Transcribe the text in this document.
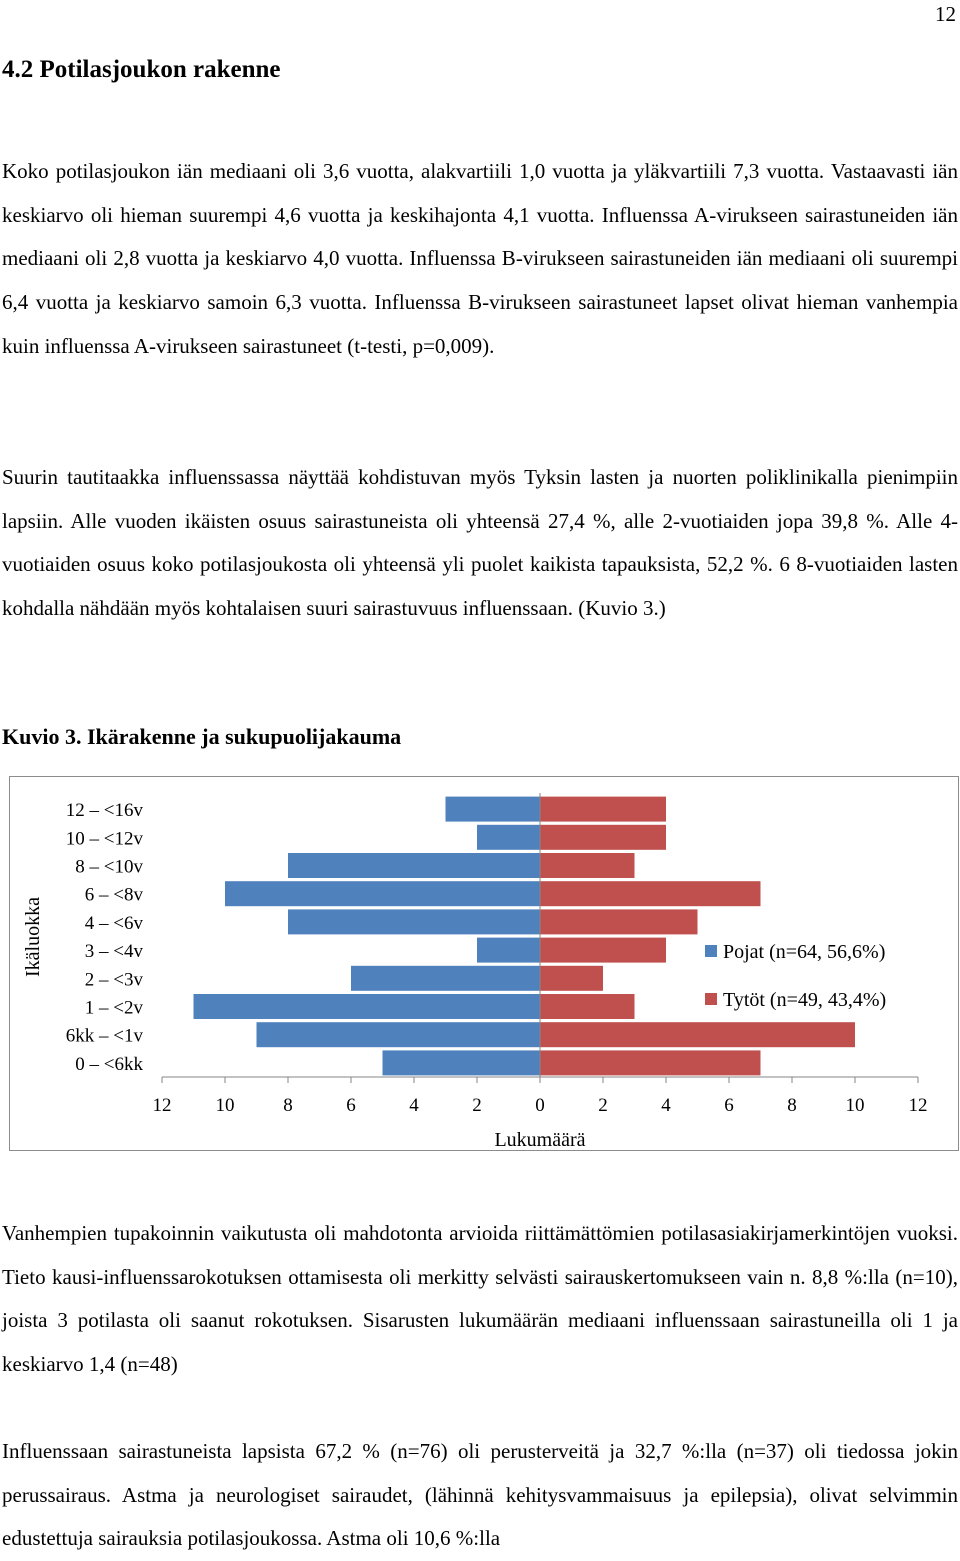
12
4.2 Potilasjoukon rakenne

Koko potilasjoukon iän mediaani oli 3,6 vuotta, alakvartiili 1,0 vuotta ja yläkvartiili 7,3 vuotta. Vastaavasti iän keskiarvo oli hieman suurempi 4,6 vuotta ja keskihajonta 4,1 vuotta. Influenssa A-virukseen sairastuneiden iän mediaani oli 2,8 vuotta ja keskiarvo 4,0 vuotta. Influenssa B-virukseen sairastuneiden iän mediaani oli suurempi 6,4 vuotta ja keskiarvo samoin 6,3 vuotta. Influenssa B-virukseen sairastuneet lapset olivat hieman vanhempia kuin influenssa A-virukseen sairastuneet (t-testi, p=0,009).

Suurin tautitaakka influenssassa näyttää kohdistuvan myös Tyksin lasten ja nuorten poliklinikalla pienimpiin lapsiin. Alle vuoden ikäisten osuus sairastuneista oli yhteensä 27,4 %, alle 2-vuotiaiden jopa 39,8 %. Alle 4-vuotiaiden osuus koko potilasjoukosta oli yhteensä yli puolet kaikista tapauksista, 52,2 %. 6 8-vuotiaiden lasten kohdalla nähdään myös kohtalaisen suuri sairastuvuus influenssaan. (Kuvio 3.)

Kuvio 3. Ikärakenne ja sukupuolijakauma

12 10	8	6	4	2	0	2	4	6	8	10 12
12 – <16v
10 – <12v
8 – <10v
6 – <8v
4 – <6v
3 – <4v
2 – <3v
1 – <2v
6kk – <1v
0 – <6kk
Lukumäärä
Ikäluokka	Pojat (n=64, 56,6%)
Tytöt (n=49, 43,4%)

Vanhempien tupakoinnin vaikutusta oli mahdotonta arvioida riittämättömien potilasasiakirjamerkintöjen vuoksi. Tieto kausi-influenssarokotuksen ottamisesta oli merkitty selvästi sairauskertomukseen vain n. 8,8 %:lla (n=10), joista 3 potilasta oli saanut rokotuksen. Sisarusten lukumäärän mediaani influenssaan sairastuneilla oli 1 ja keskiarvo 1,4 (n=48)

Influenssaan sairastuneista lapsista 67,2 % (n=76) oli perusterveitä ja 32,7 %:lla (n=37) oli tiedossa jokin perussairaus. Astma ja neurologiset sairaudet, (lähinnä kehitysvammaisuus ja epilepsia), olivat selvimmin edustettuja sairauksia potilasjoukossa. Astma oli 10,6 %:lla
